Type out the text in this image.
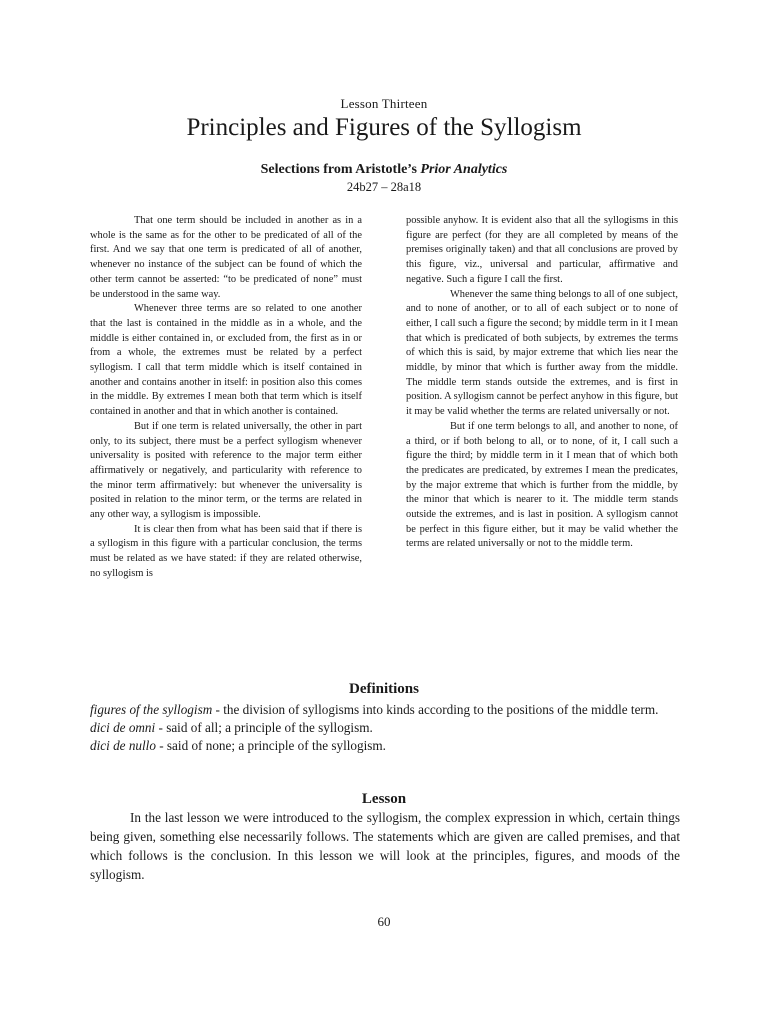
Lesson Thirteen
Principles and Figures of the Syllogism
Selections from Aristotle’s Prior Analytics
24b27 – 28a18

That one term should be included in another as in a whole is the same as for the other to be predicated of all of the first. And we say that one term is predicated of all of another, whenever no instance of the subject can be found of which the other term cannot be asserted: “to be predicated of none” must be understood in the same way.

Whenever three terms are so related to one another that the last is contained in the middle as in a whole, and the middle is either contained in, or excluded from, the first as in or from a whole, the extremes must be related by a perfect syllogism. I call that term middle which is itself contained in another and contains another in itself: in position also this comes in the middle. By extremes I mean both that term which is itself contained in another and that in which another is contained.

But if one term is related universally, the other in part only, to its subject, there must be a perfect syllogism whenever universality is posited with reference to the major term either affirmatively or negatively, and particularity with reference to the minor term affirmatively: but whenever the universality is posited in relation to the minor term, or the terms are related in any other way, a syllogism is impossible.

It is clear then from what has been said that if there is a syllogism in this figure with a particular conclusion, the terms must be related as we have stated: if they are related otherwise, no syllogism is

possible anyhow. It is evident also that all the syllogisms in this figure are perfect (for they are all completed by means of the premises originally taken) and that all conclusions are proved by this figure, viz., universal and particular, affirmative and negative. Such a figure I call the first.

Whenever the same thing belongs to all of one subject, and to none of another, or to all of each subject or to none of either, I call such a figure the second; by middle term in it I mean that which is predicated of both subjects, by extremes the terms of which this is said, by major extreme that which lies near the middle, by minor that which is further away from the middle. The middle term stands outside the extremes, and is first in position. A syllogism cannot be perfect anyhow in this figure, but it may be valid whether the terms are related universally or not.

But if one term belongs to all, and another to none, of a third, or if both belong to all, or to none, of it, I call such a figure the third; by middle term in it I mean that of which both the predicates are predicated, by extremes I mean the predicates, by the major extreme that which is further from the middle, by the minor that which is nearer to it. The middle term stands outside the extremes, and is last in position. A syllogism cannot be perfect in this figure either, but it may be valid whether the terms are related universally or not to the middle term.

Definitions

figures of the syllogism - the division of syllogisms into kinds according to the positions of the middle term.

dici de omni - said of all; a principle of the syllogism.

dici de nullo - said of none; a principle of the syllogism.

Lesson

In the last lesson we were introduced to the syllogism, the complex expression in which, certain things being given, something else necessarily follows. The statements which are given are called premises, and that which follows is the conclusion. In this lesson we will look at the principles, figures, and moods of the syllogism.

60
